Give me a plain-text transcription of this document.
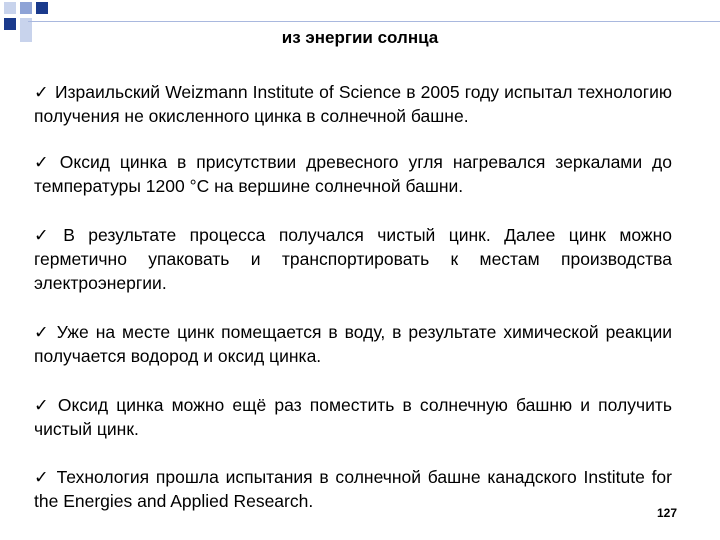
из энергии солнца

✓ Израильский Weizmann Institute of Science в 2005 году испытал технологию получения не окисленного цинка в солнечной башне.

✓ Оксид цинка в присутствии древесного угля нагревался зеркалами до температуры 1200 °С на вершине солнечной башни.

✓ В результате процесса получался чистый цинк. Далее цинк можно герметично упаковать и транспортировать к местам производства электроэнергии.

✓ Уже на месте цинк помещается в воду, в результате химической реакции получается водород и оксид цинка.

✓ Оксид цинка можно ещё раз поместить в солнечную башню и получить чистый цинк.

✓ Технология прошла испытания в солнечной башне канадского Institute for the Energies and Applied Research.

127
